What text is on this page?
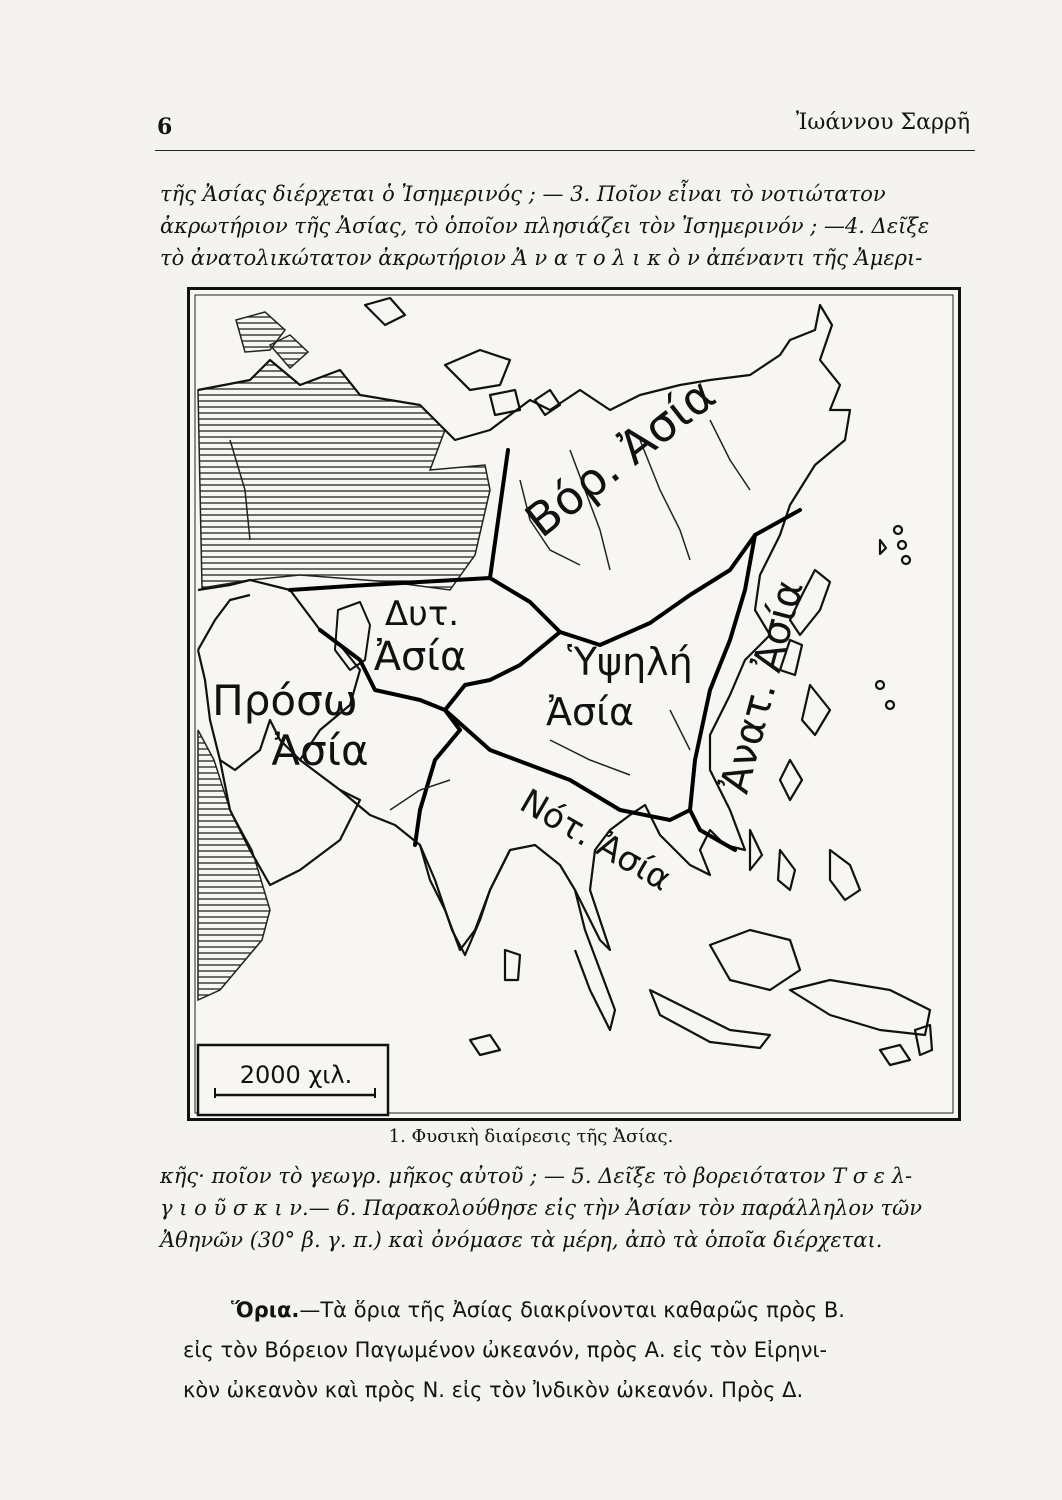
6	Ἰωάννου Σαρρῆ
τῆς Ἀσίας διέρχεται ὁ Ἰσημερινός ; — 3. Ποῖον εἶναι τὸ νοτιώτατον
ἀκρωτήριον τῆς Ἀσίας, τὸ ὁποῖον πλησιάζει τὸν Ἰσημερινόν ; —4. Δεῖξε
τὸ ἀνατολικώτατον ἀκρωτήριον Ἀ ν α τ ο λ ι κ ὸ ν ἀπέναντι τῆς Ἀμερι-
Βόρ. Ἀσία
Δυτ.
Ἀσία	Ὑψηλή
Ἀσία
Πρόσω
Ἀσία
Νότ. Ἀσία
Ἀνατ. Ἀσία
2000 χιλ.
1. Φυσικὴ διαίρεσις τῆς Ἀσίας.
κῆς· ποῖον τὸ γεωγρ. μῆκος αὐτοῦ ; — 5. Δεῖξε τὸ βορειότατον Τ σ ε λ-
γ ι ο ῦ σ κ ι ν.— 6. Παρακολούθησε εἰς τὴν Ἀσίαν τὸν παράλληλον τῶν
Ἀθηνῶν (30° β. γ. π.) καὶ ὀνόμασε τὰ μέρη, ἀπὸ τὰ ὁποῖα διέρχεται.
Ὅρια.—Τὰ ὅρια τῆς Ἀσίας διακρίνονται καθαρῶς πρὸς Β.
εἰς τὸν Βόρειον Παγωμένον ὠκεανόν, πρὸς Α. εἰς τὸν Εἰρηνι-
κὸν ὠκεανὸν καὶ πρὸς Ν. εἰς τὸν Ἰνδικὸν ὠκεανόν. Πρὸς Δ.
